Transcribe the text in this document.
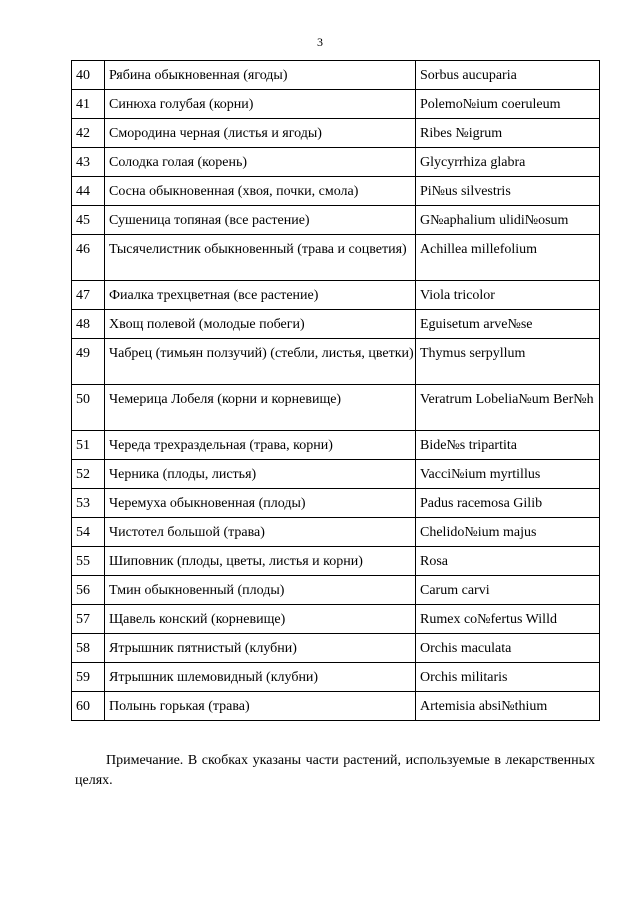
3
40	Рябина обыкновенная (ягоды)	Sorbus aucuparia
41	Синюха голубая (корни)	Polemo№ium coeruleum
42	Смородина черная (листья и ягоды)	Ribes №igrum
43	Солодка голая (корень)	Glycyrrhiza glabra
44	Сосна обыкновенная (хвоя, почки, смола)	Pi№us silvestris
45	Сушеница топяная (все растение)	G№aphalium ulidi№osum
46	Тысячелистник обыкновенный (трава и соцветия)	Achillea millefolium
47	Фиалка трехцветная (все растение)	Viola tricolor
48	Хвощ полевой (молодые побеги)	Eguisetum arve№se
49	Чабрец (тимьян ползучий) (стебли, листья, цветки)	Thymus serpyllum
50	Чемерица Лобеля (корни и корневище)	Veratrum Lobelia№um Ber№h
51	Череда трехраздельная (трава, корни)	Bide№s tripartita
52	Черника (плоды, листья)	Vacci№ium myrtillus
53	Черемуха обыкновенная (плоды)	Padus racemosa Gilib
54	Чистотел большой (трава)	Chelido№ium majus
55	Шиповник (плоды, цветы, листья и корни)	Rosa
56	Тмин обыкновенный (плоды)	Carum carvi
57	Щавель конский (корневище)	Rumex co№fertus Willd
58	Ятрышник пятнистый (клубни)	Orchis maculata
59	Ятрышник шлемовидный (клубни)	Orchis militaris
60	Полынь горькая (трава)	Artemisia absi№thium

Примечание. В скобках указаны части растений, используемые в лекарственных целях.
